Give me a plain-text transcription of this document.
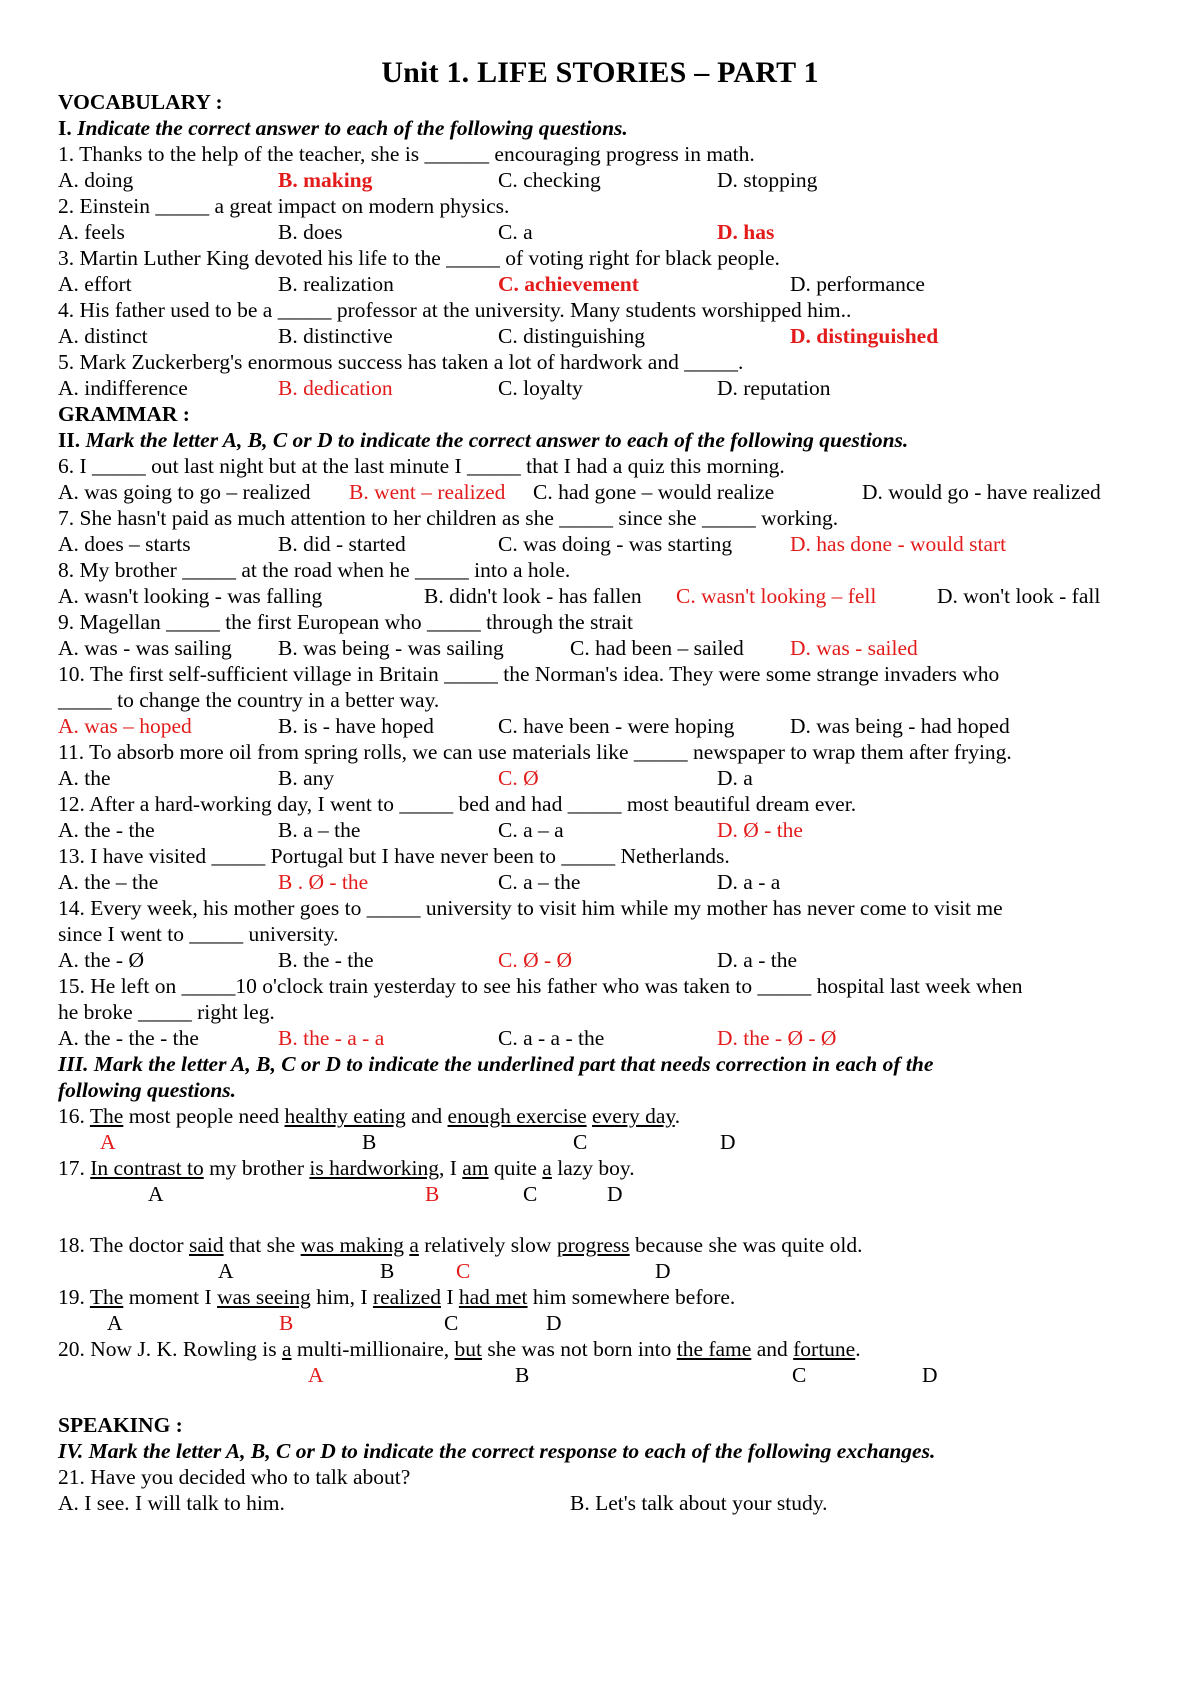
Unit 1. LIFE STORIES – PART 1
VOCABULARY :
I. Indicate the correct answer to each of the following questions.
1. Thanks to the help of the teacher, she is ______ encouraging progress in math.
A. doing	B. making	C. checking	D. stopping
2. Einstein _____ a great impact on modern physics.
A. feels	B. does	C. a	D. has
3. Martin Luther King devoted his life to the _____ of voting right for black people.
A. effort	B. realization	C. achievement	D. performance
4. His father used to be a _____ professor at the university. Many students worshipped him..
A. distinct	B. distinctive	C. distinguishing	D. distinguished
5. Mark Zuckerberg's enormous success has taken a lot of hardwork and _____.
A. indifference	B. dedication	C. loyalty	D. reputation
GRAMMAR :
II. Mark the letter A, B, C or D to indicate the correct answer to each of the following questions.
6. I _____ out last night but at the last minute I _____ that I had a quiz this morning.
A. was going to go – realized B. went – realized C. had gone – would realize	D. would go - have realized
7. She hasn't paid as much attention to her children as she _____ since she _____ working.
A. does – starts	B. did - started	C. was doing - was starting	D. has done - would start
8. My brother _____ at the road when he _____ into a hole.
A. wasn't looking - was falling	B. didn't look - has fallen C. wasn't looking – fell	D. won't look - fall
9. Magellan _____ the first European who _____ through the strait
A. was - was sailing B. was being - was sailing	C. had been – sailed D. was - sailed
10. The first self-sufficient village in Britain _____ the Norman's idea. They were some strange invaders who
_____ to change the country in a better way.
A. was – hoped	B. is - have hoped	C. have been - were hoping	D. was being - had hoped
11. To absorb more oil from spring rolls, we can use materials like _____ newspaper to wrap them after frying.
A. the	B. any	C. Ø	D. a
12. After a hard-working day, I went to _____ bed and had _____ most beautiful dream ever.
A. the - the	B. a – the	C. a – a	D. Ø - the
13. I have visited _____ Portugal but I have never been to _____ Netherlands.
A. the – the	B . Ø - the	C. a – the	D. a - a
14. Every week, his mother goes to _____ university to visit him while my mother has never come to visit me
since I went to _____ university.
A. the - Ø	B. the - the	C. Ø - Ø	D. a - the
15. He left on _____10 o'clock train yesterday to see his father who was taken to _____ hospital last week when
he broke _____ right leg.
A. the - the - the	B. the - a - a	C. a - a - the	D. the - Ø - Ø
III. Mark the letter A, B, C or D to indicate the underlined part that needs correction in each of the
following questions.
16. The most people need healthy eating and enough exercise every day.
A	B	C	D
17. In contrast to my brother is hardworking, I am quite a lazy boy.
A	B	C	D
18. The doctor said that she was making a relatively slow progress because she was quite old.
A	B	C	D
19. The moment I was seeing him, I realized I had met him somewhere before.
A	B	C	D
20. Now J. K. Rowling is a multi-millionaire, but she was not born into the fame and fortune.
A	B	C	D
SPEAKING :
IV. Mark the letter A, B, C or D to indicate the correct response to each of the following exchanges.
21. Have you decided who to talk about?
A. I see. I will talk to him.	B. Let's talk about your study.
